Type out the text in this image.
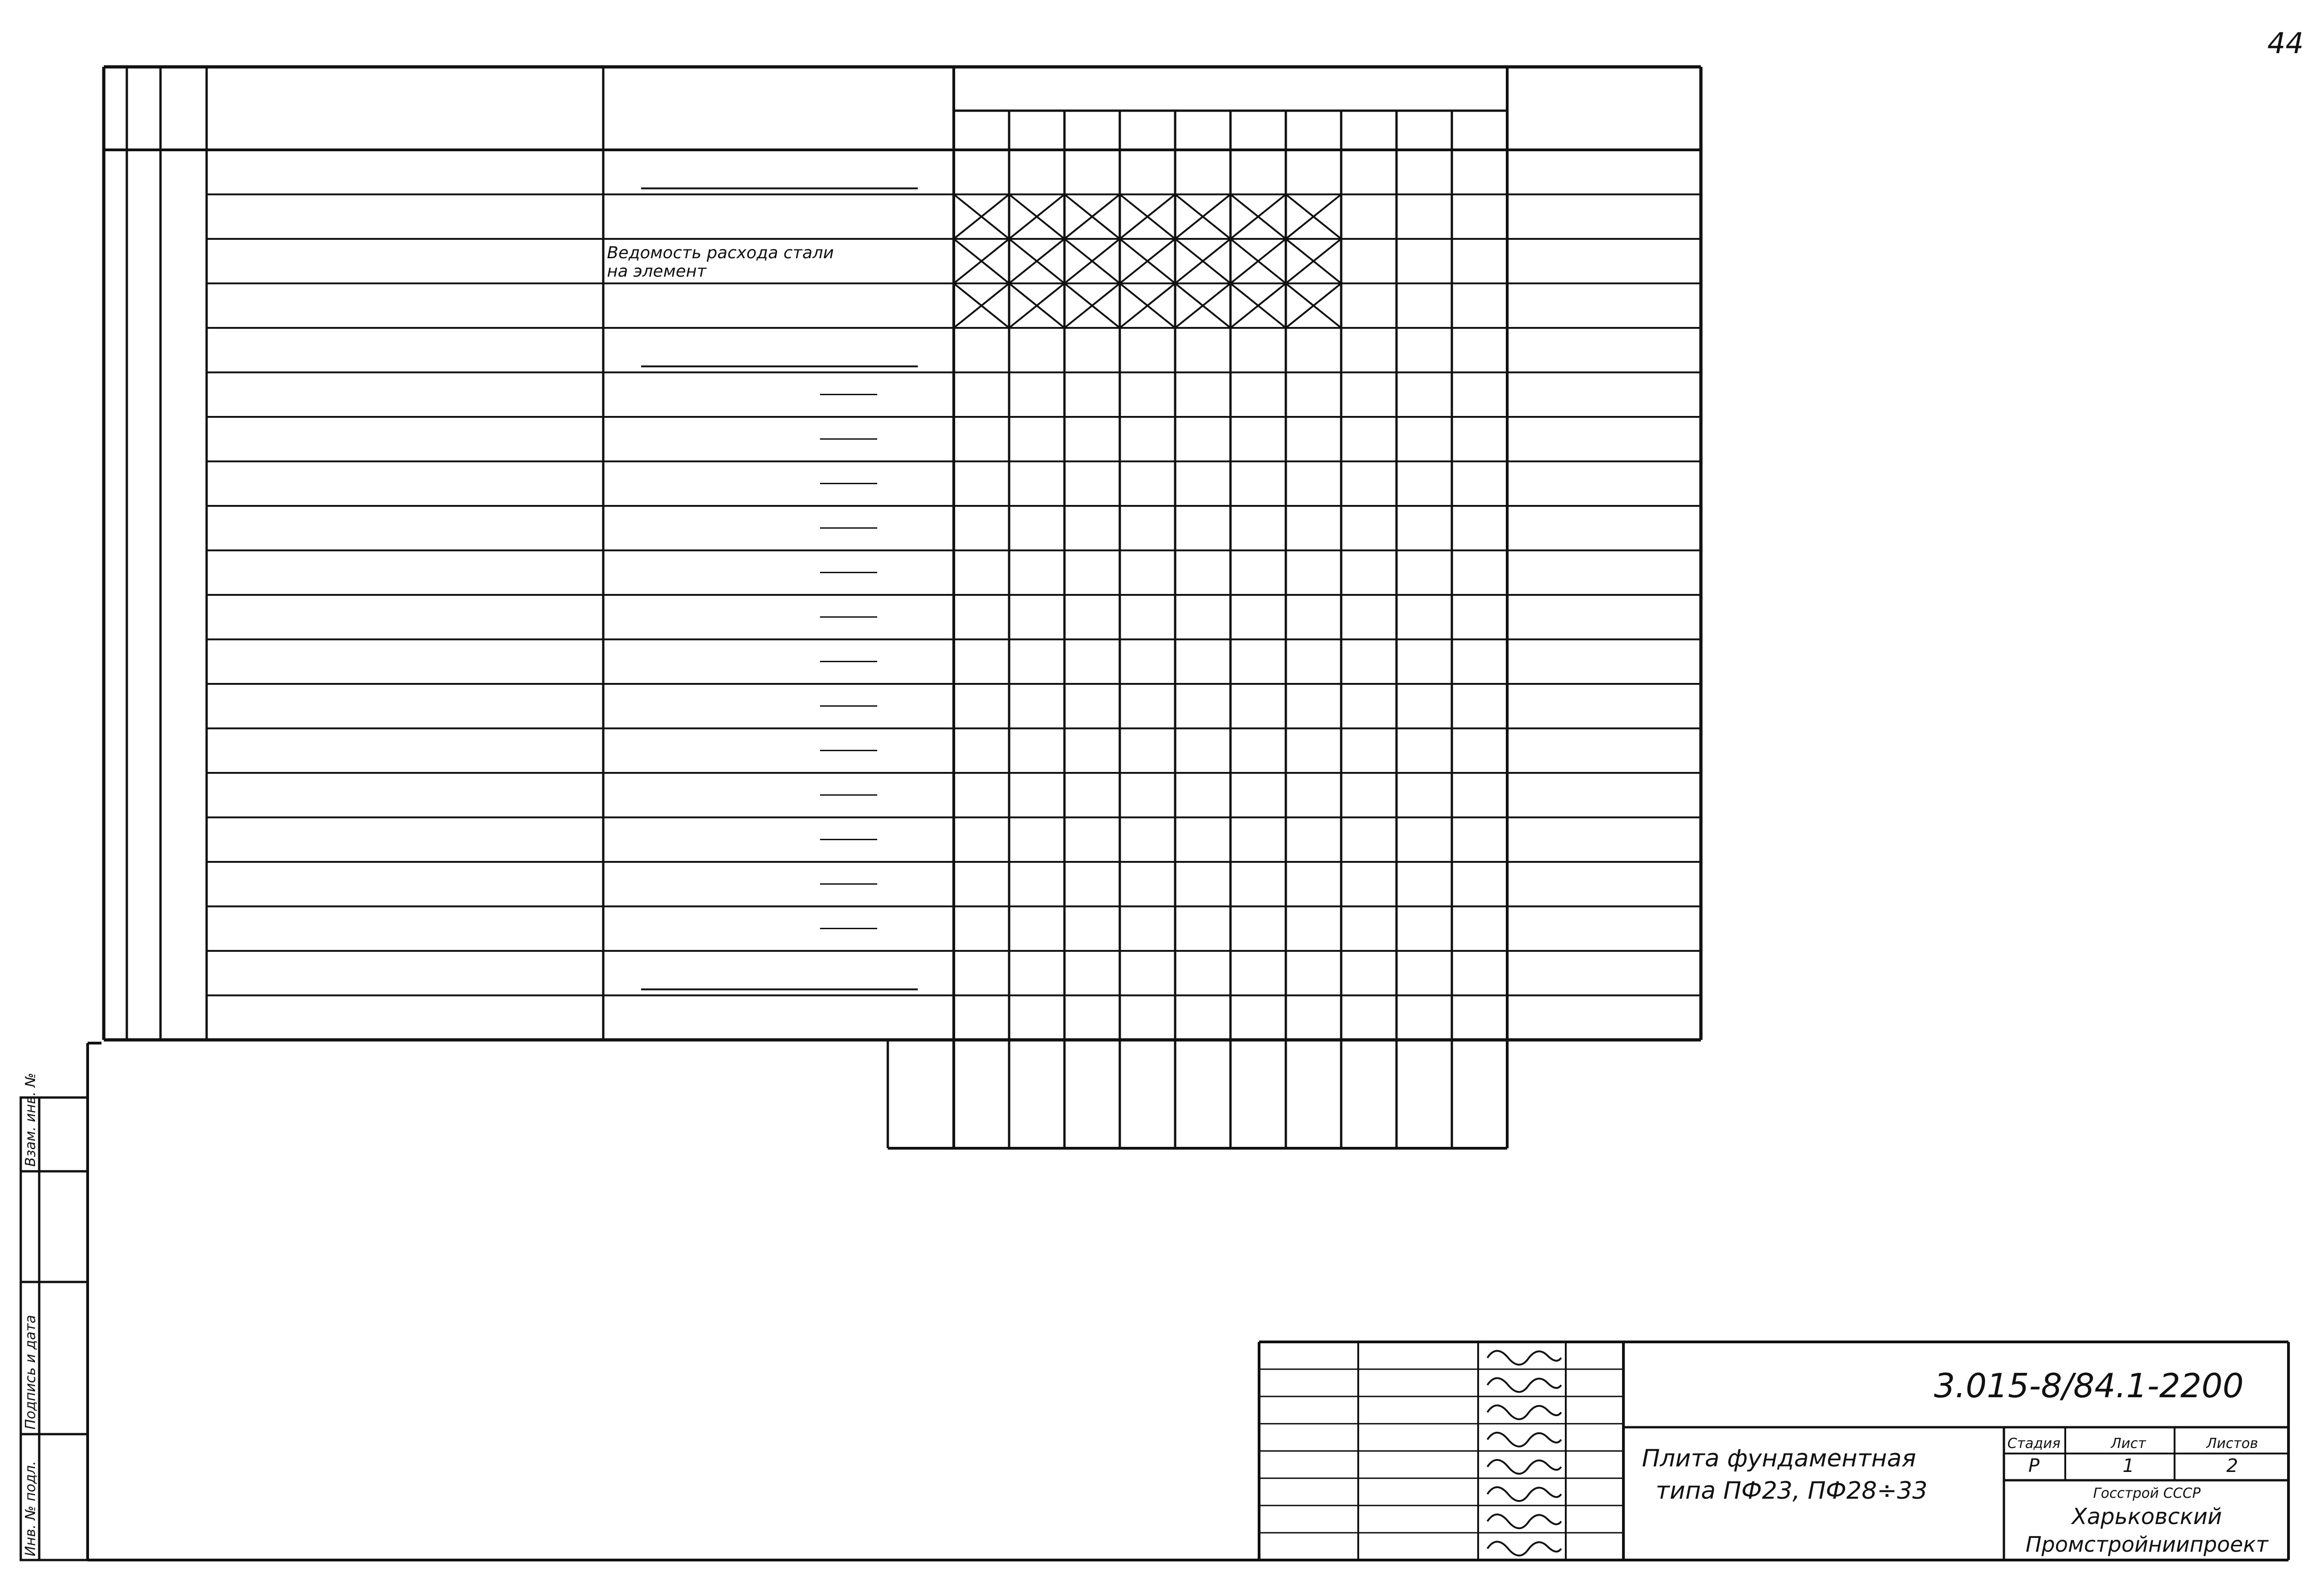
44
Взам. инв. №
Подпись и дата
Инв. № подл.
Ведомость расхода стали
на элемент
3.015-8/84.1-2200
Плита фундаментная
типа ПФ23, ПФ28÷33
Стадия	Лист	Листов
Р	1	2
Госстрой СССР
Харьковский
Промстройниипроект
